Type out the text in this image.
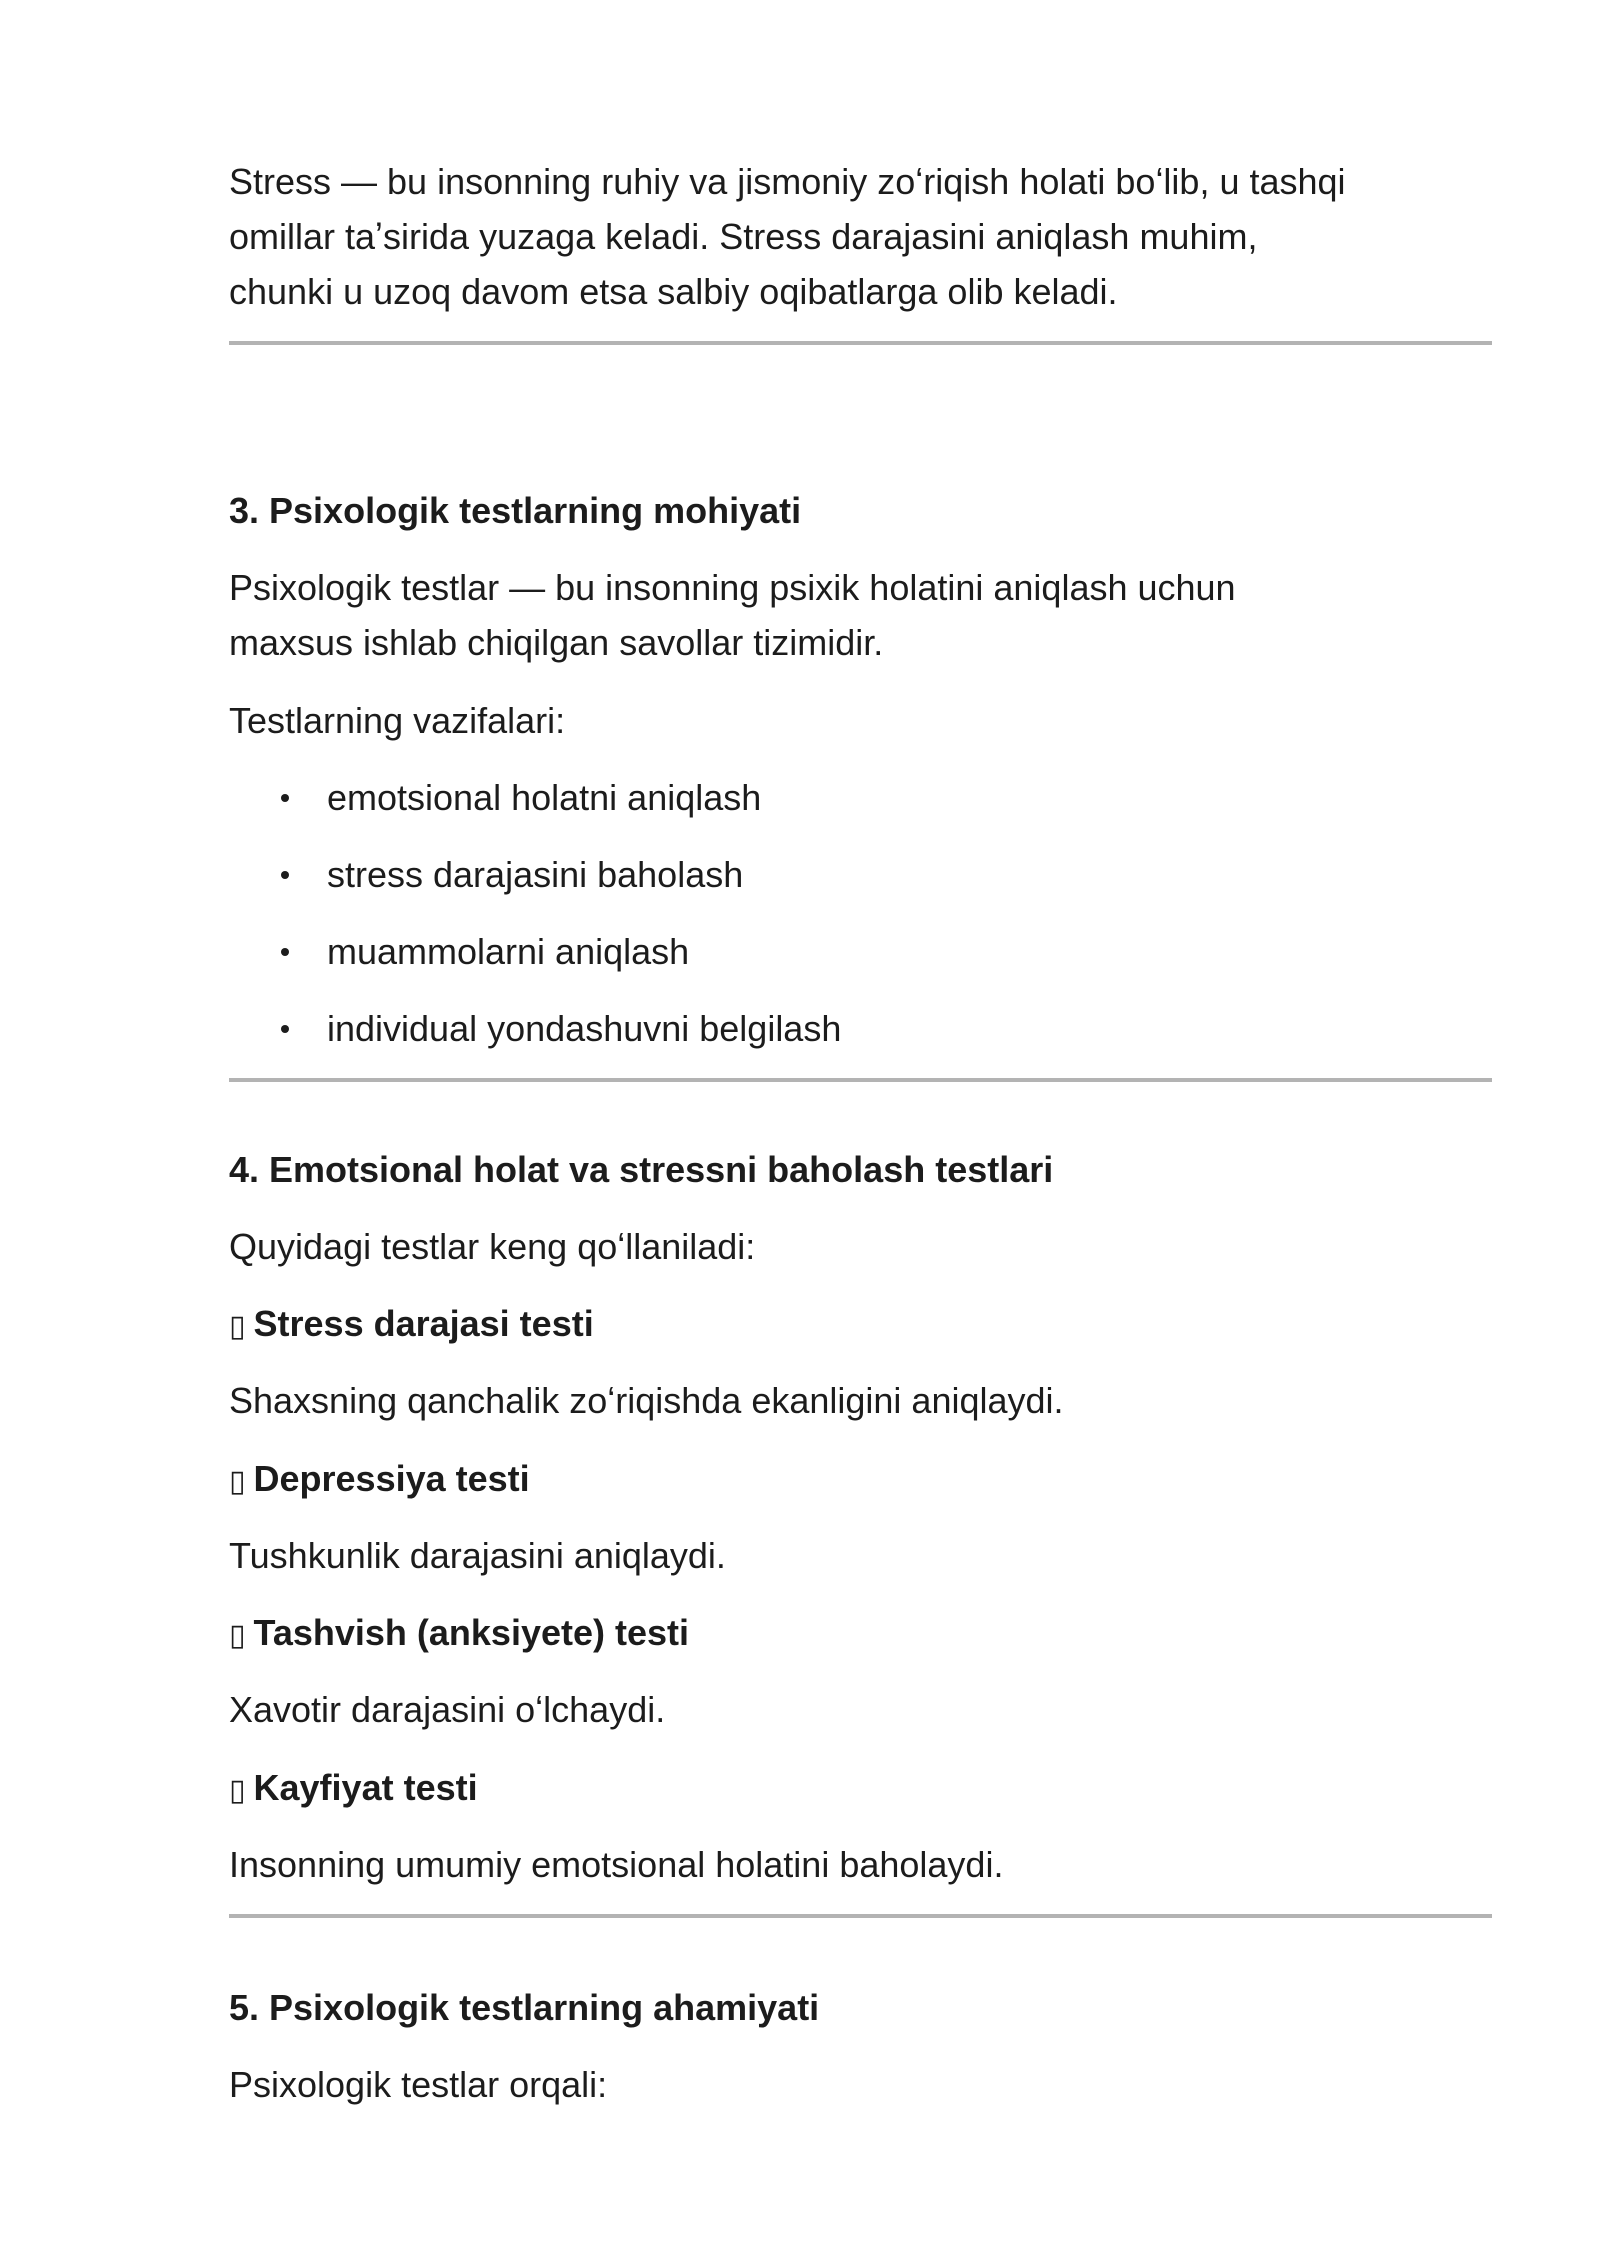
Stress — bu insonning ruhiy va jismoniy zoʻriqish holati boʻlib, u tashqi
omillar taʼsirida yuzaga keladi. Stress darajasini aniqlash muhim,
chunki u uzoq davom etsa salbiy oqibatlarga olib keladi.

3. Psixologik testlarning mohiyati

Psixologik testlar — bu insonning psixik holatini aniqlash uchun
maxsus ishlab chiqilgan savollar tizimidir.

Testlarning vazifalari:

emotsional holatni aniqlash
stress darajasini baholash
muammolarni aniqlash
individual yondashuvni belgilash
4. Emotsional holat va stressni baholash testlari
Quyidagi testlar keng qoʻllaniladi:
▯ Stress darajasi testi
Shaxsning qanchalik zoʻriqishda ekanligini aniqlaydi.
▯ Depressiya testi
Tushkunlik darajasini aniqlaydi.
▯ Tashvish (anksiyete) testi
Xavotir darajasini oʻlchaydi.
▯ Kayfiyat testi
Insonning umumiy emotsional holatini baholaydi.
5. Psixologik testlarning ahamiyati

Psixologik testlar orqali:
